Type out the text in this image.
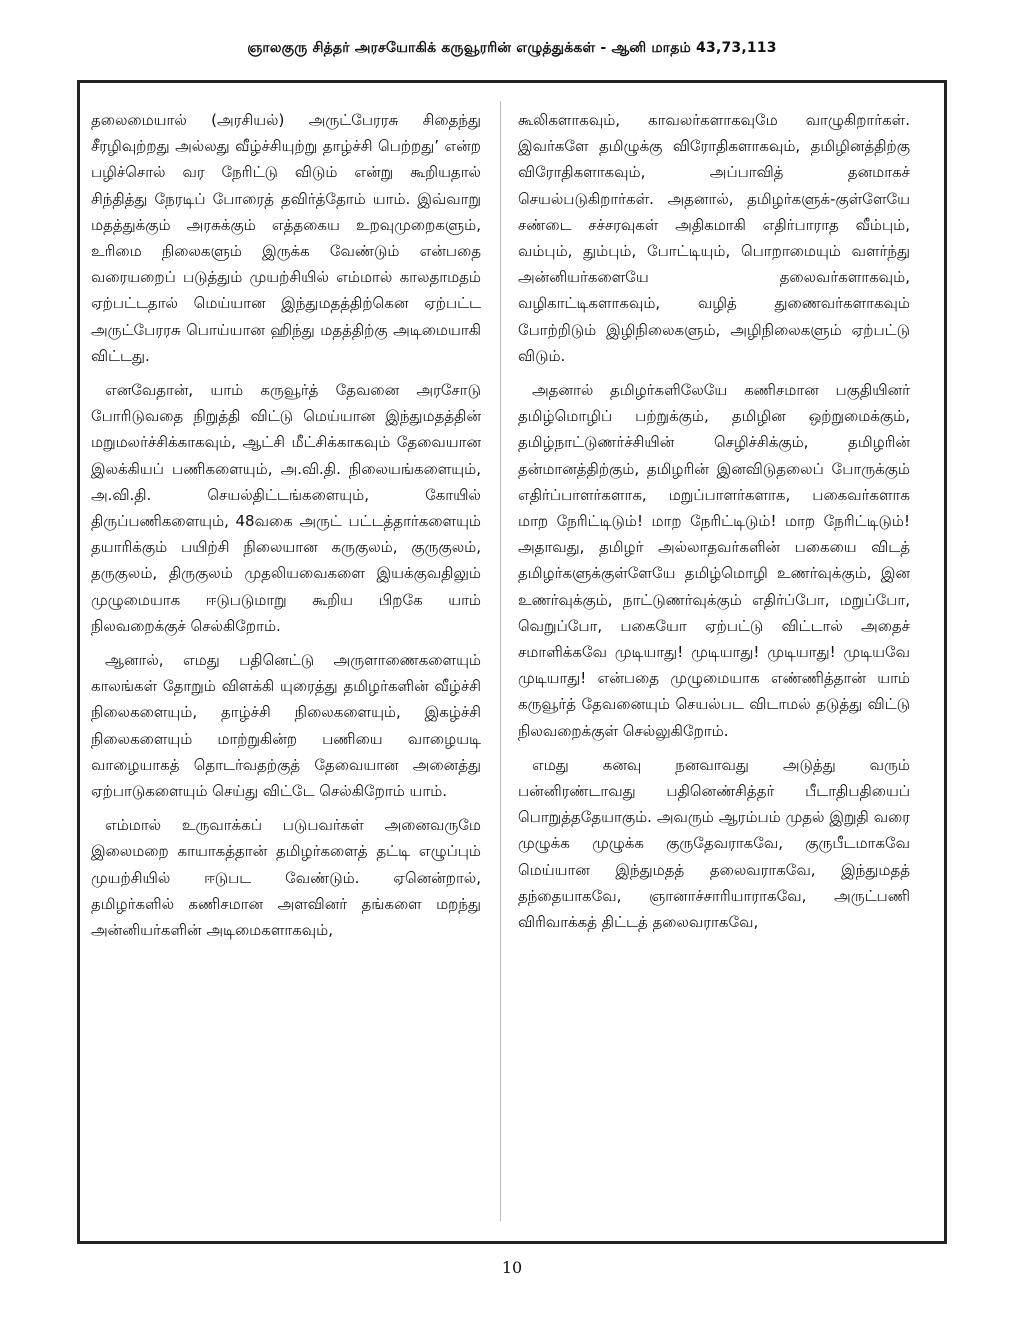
ஞாலகுரு சித்தர் அரசயோகிக் கருவூரரின் எழுத்துக்கள் - ஆனி மாதம் 43,73,113

தலைமையால் (அரசியல்) அருட்பேரரசு சிதைந்து சீரழிவுற்றது அல்லது வீழ்ச்சியுற்று தாழ்ச்சி பெற்றது’ என்ற பழிச்சொல் வர நேரிட்டு விடும் என்று கூறியதால் சிந்தித்து நேரடிப் போரைத் தவிர்த்தோம் யாம். இவ்வாறு மதத்துக்கும் அரசுக்கும் எத்தகைய உறவுமுறைகளும், உரிமை நிலைகளும் இருக்க வேண்டும் என்பதை வரையறைப் படுத்தும் முயற்சியில் எம்மால் காலதாமதம் ஏற்பட்டதால் மெய்யான இந்துமதத்திற்கென ஏற்பட்ட அருட்பேரரசு பொய்யான ஹிந்து மதத்திற்கு அடிமையாகி விட்டது.

எனவேதான், யாம் கருவூர்த் தேவனை அரசோடு போரிடுவதை நிறுத்தி விட்டு மெய்யான இந்துமதத்தின் மறுமலர்ச்சிக்காகவும், ஆட்சி மீட்சிக்காகவும் தேவையான இலக்கியப் பணிகளையும், அ.வி.தி. நிலையங்களையும், அ.வி.தி. செயல்திட்டங்களையும், கோயில் திருப்பணிகளையும், 48வகை அருட் பட்டத்தார்களையும் தயாரிக்கும் பயிற்சி நிலையான கருகுலம், குருகுலம், தருகுலம், திருகுலம் முதலியவைகளை இயக்குவதிலும் முழுமையாக ஈடுபடுமாறு கூறிய பிறகே யாம் நிலவறைக்குச் செல்கிறோம்.

ஆனால், எமது பதினெட்டு அருளாணைகளையும் காலங்கள் தோறும் விளக்கி யுரைத்து தமிழர்களின் வீழ்ச்சி நிலைகளையும், தாழ்ச்சி நிலைகளையும், இகழ்ச்சி நிலைகளையும் மாற்றுகின்ற பணியை வாழையடி வாழையாகத் தொடர்வதற்குத் தேவையான அனைத்து ஏற்பாடுகளையும் செய்து விட்டே செல்கிறோம் யாம்.

எம்மால் உருவாக்கப் படுபவர்கள் அனைவருமே இலைமறை காயாகத்தான் தமிழர்களைத் தட்டி எழுப்பும் முயற்சியில் ஈடுபட வேண்டும். ஏனென்றால், தமிழர்களில் கணிசமான அளவினர் தங்களை மறந்து அன்னியர்களின் அடிமைகளாகவும்,

கூலிகளாகவும், காவலர்களாகவுமே வாழுகிறார்கள். இவர்களே தமிழுக்கு விரோதிகளாகவும், தமிழினத்திற்கு விரோதிகளாகவும், அப்பாவித் தனமாகச் செயல்படுகிறார்கள். அதனால், தமிழர்களுக்-குள்ளேயே சண்டை சச்சரவுகள் அதிகமாகி எதிர்பாராத வீம்பும், வம்பும், தும்பும், போட்டியும், பொறாமையும் வளர்ந்து அன்னியர்களையே தலைவர்களாகவும், வழிகாட்டிகளாகவும், வழித் துணைவர்களாகவும் போற்றிடும் இழிநிலைகளும், அழிநிலைகளும் ஏற்பட்டு விடும்.

அதனால் தமிழர்களிலேயே கணிசமான பகுதியினர் தமிழ்மொழிப் பற்றுக்கும், தமிழின ஒற்றுமைக்கும், தமிழ்நாட்டுணர்ச்சியின் செழிச்சிக்கும், தமிழரின் தன்மானத்திற்கும், தமிழரின் இனவிடுதலைப் போருக்கும் எதிர்ப்பாளர்களாக, மறுப்பாளர்களாக, பகைவர்களாக மாற நேரிட்டிடும்! மாற நேரிட்டிடும்! மாற நேரிட்டிடும்! அதாவது, தமிழர் அல்லாதவர்களின் பகையை விடத் தமிழர்களுக்குள்ளேயே தமிழ்மொழி உணர்வுக்கும், இன உணர்வுக்கும், நாட்டுணர்வுக்கும் எதிர்ப்போ, மறுப்போ, வெறுப்போ, பகையோ ஏற்பட்டு விட்டால் அதைச் சமாளிக்கவே முடியாது! முடியாது! முடியாது! முடியவே முடியாது! என்பதை முழுமையாக எண்ணித்தான் யாம் கருவூர்த் தேவனையும் செயல்பட விடாமல் தடுத்து விட்டு நிலவறைக்குள் செல்லுகிறோம்.

எமது கனவு நனவாவது அடுத்து வரும் பன்னிரண்டாவது பதினெண்சித்தர் பீடாதிபதியைப் பொறுத்ததேயாகும். அவரும் ஆரம்பம் முதல் இறுதி வரை முழுக்க முழுக்க குருதேவராகவே, குருபீடமாகவே மெய்யான இந்துமதத் தலைவராகவே, இந்துமதத் தந்தையாகவே, ஞானாச்சாரியாராகவே, அருட்பணி விரிவாக்கத் திட்டத் தலைவராகவே,

10
